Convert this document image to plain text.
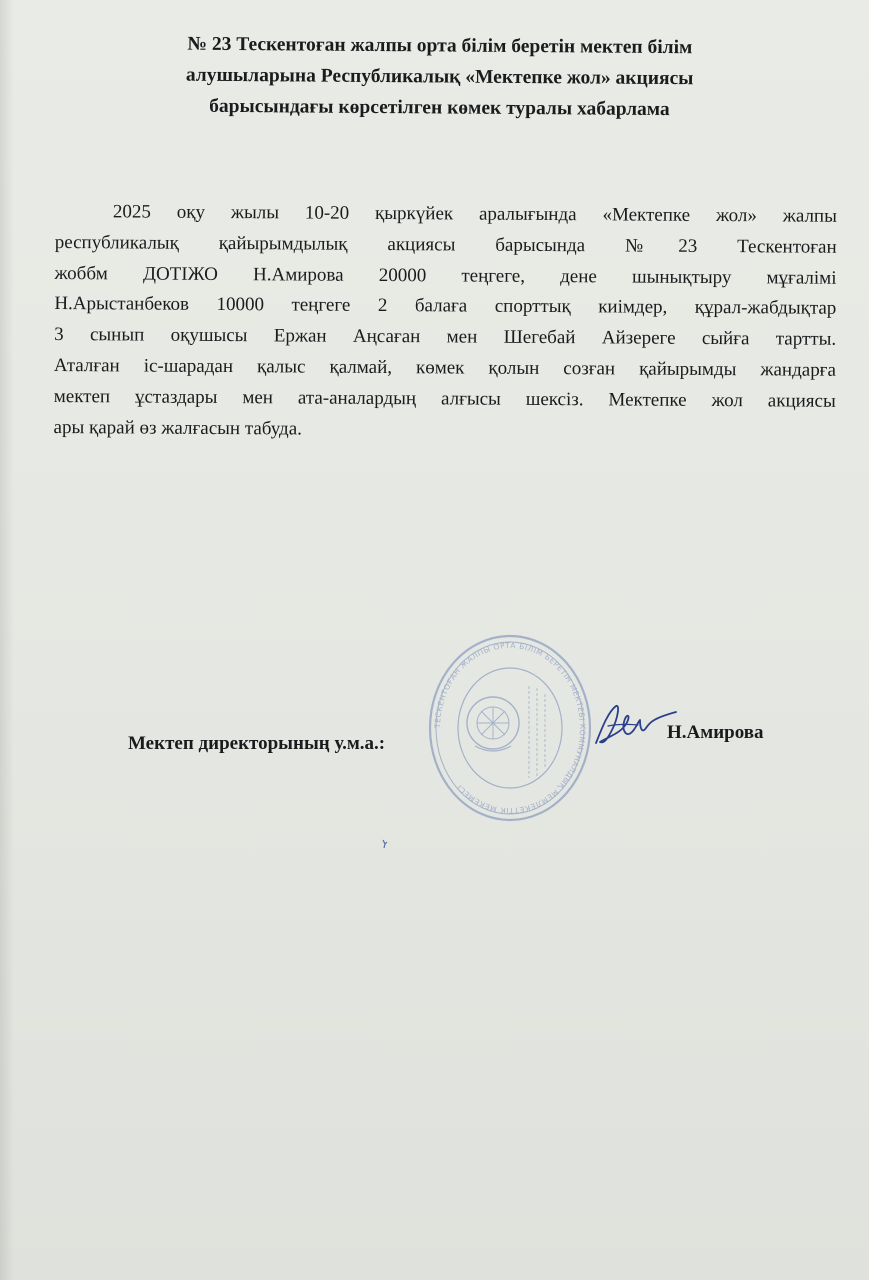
№ 23 Тескентоған жалпы орта білім беретін мектеп білім
алушыларына Республикалық «Мектепке жол» акциясы
барысындағы көрсетілген көмек туралы хабарлама
2025 оқу жылы 10-20 қыркүйек аралығында «Мектепке жол» жалпы
республикалық қайырымдылық акциясы барысында №23 Тескентоған
жоббм ДОТІЖО Н.Амирова 20000 теңгеге, дене шынықтыру мұғалімі
Н.Арыстанбеков 10000 теңгеге 2 балаға спорттық киімдер, құрал-жабдықтар
3 сынып оқушысы Ержан Аңсаған мен Шегебай Айзереге сыйға тартты.
Аталған іс-шарадан қалыс қалмай, көмек қолын созған қайырымды жандарға
мектеп ұстаздары мен ата-аналардың алғысы шексіз. Мектепке жол акциясы
ары қарай өз жалғасын табуда.
ТЕСКЕНТОҒАН ЖАЛПЫ ОРТА БІЛІМ БЕРЕТІН МЕКТЕБІ КОММУНАЛДЫҚ МЕМЛЕКЕТТІК МЕКЕМЕСІ
Мектеп директорының у.м.а.:
Н.Амирова
